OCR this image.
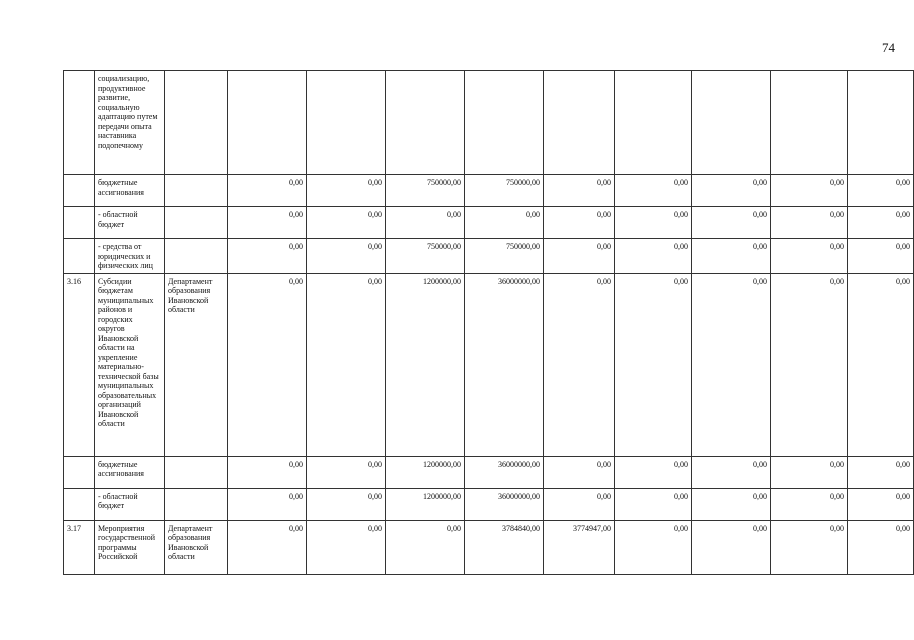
74
	социализацию, продуктивное развитие, социальную адаптацию путем передачи опыта наставника подопечному										
	бюджетные ассигнования		0,00	0,00	750000,00	750000,00	0,00	0,00	0,00	0,00	0,00
	- областной бюджет		0,00	0,00	0,00	0,00	0,00	0,00	0,00	0,00	0,00
	- средства от юридических и физических лиц		0,00	0,00	750000,00	750000,00	0,00	0,00	0,00	0,00	0,00
3.16	Субсидии бюджетам муниципальных районов и городских округов Ивановской области на укрепление материально-технической базы муниципальных образовательных организаций Ивановской области	Департамент образования Ивановской области	0,00	0,00	1200000,00	36000000,00	0,00	0,00	0,00	0,00	0,00
	бюджетные ассигнования		0,00	0,00	1200000,00	36000000,00	0,00	0,00	0,00	0,00	0,00
	- областной бюджет		0,00	0,00	1200000,00	36000000,00	0,00	0,00	0,00	0,00	0,00
3.17	Мероприятия государственной программы Российской	Департамент образования Ивановской области	0,00	0,00	0,00	3784840,00	3774947,00	0,00	0,00	0,00	0,00
